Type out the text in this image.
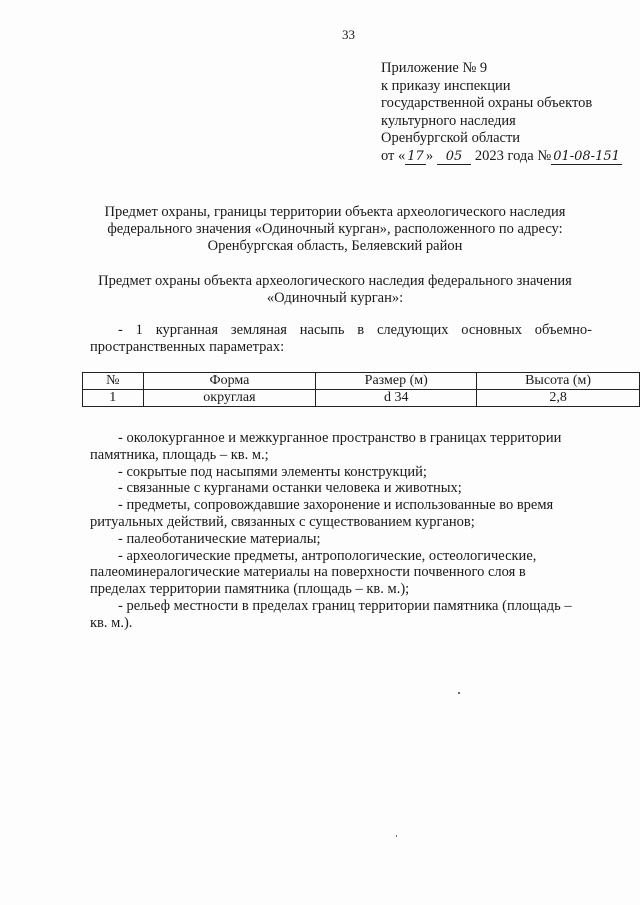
33
Приложение № 9
к приказу инспекции
государственной охраны объектов
культурного наследия
Оренбургской области
от « 17 » 05 2023 года № 01-08-151
Предмет охраны, границы территории объекта археологического наследия
федерального значения «Одиночный курган», расположенного по адресу:
Оренбургская область, Беляевский район
Предмет охраны объекта археологического наследия федерального значения
«Одиночный курган»:
- 1 курганная земляная насыпь в следующих основных объемно-
пространственных параметрах:
№	Форма	Размер (м)	Высота (м)
1	округлая	d 34	2,8
- околокурганное и межкурганное пространство в границах территории
памятника, площадь – кв. м.;
- сокрытые под насыпями элементы конструкций;
- связанные с курганами останки человека и животных;
- предметы, сопровождавшие захоронение и использованные во время
ритуальных действий, связанных с существованием курганов;
- палеоботанические материалы;
- археологические предметы, антропологические, остеологические,
палеоминералогические материалы на поверхности почвенного слоя в
пределах территории памятника (площадь – кв. м.);
- рельеф местности в пределах границ территории памятника (площадь –
кв. м.).
